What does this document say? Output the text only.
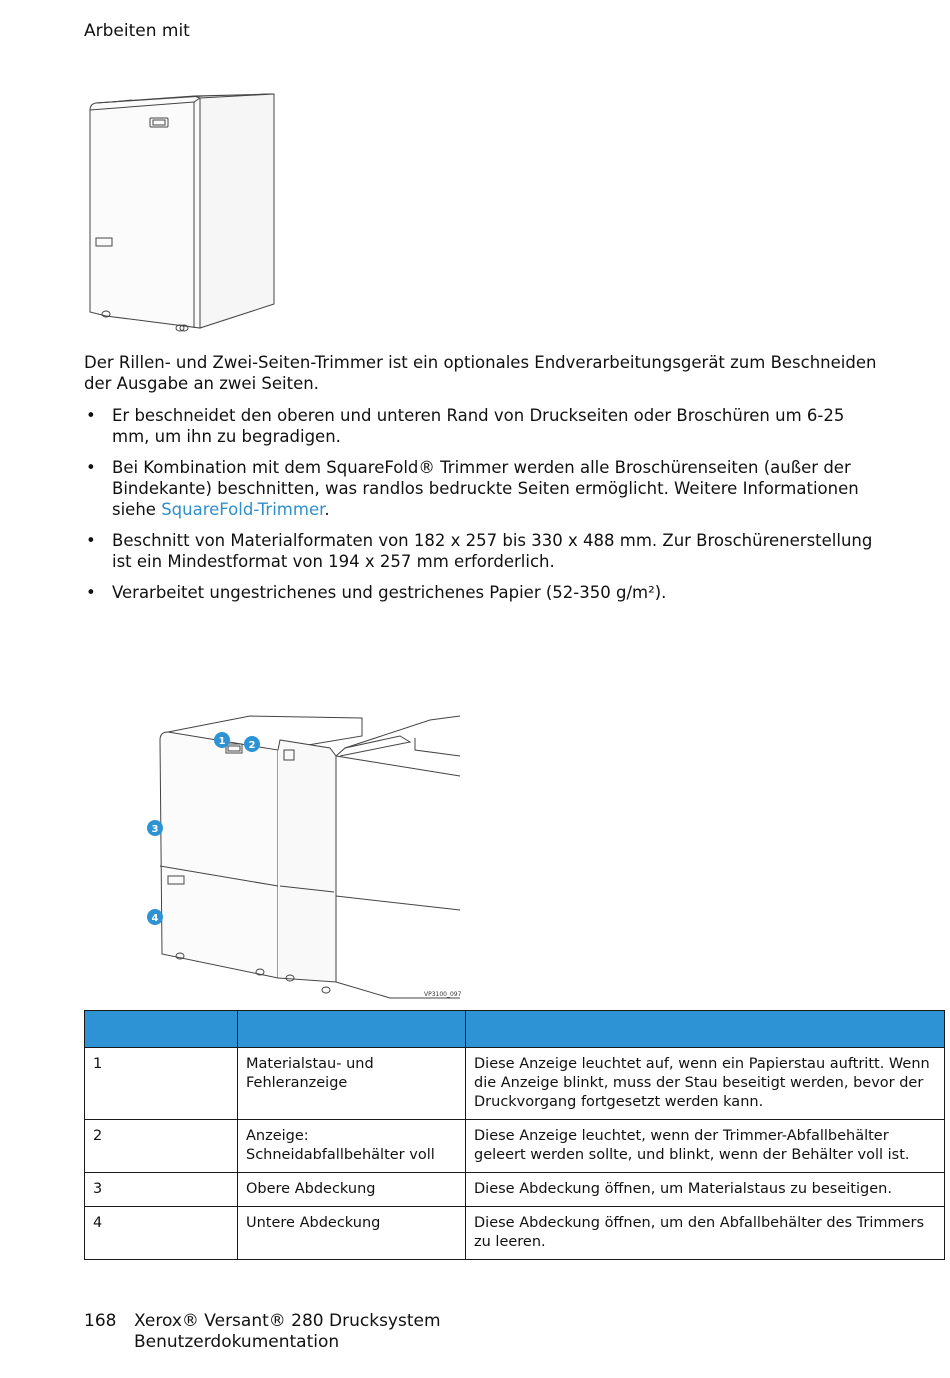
Arbeiten mit

Der Rillen- und Zwei-Seiten-Trimmer ist ein optionales Endverarbeitungsgerät zum Beschneiden der Ausgabe an zwei Seiten.

• Er beschneidet den oberen und unteren Rand von Druckseiten oder Broschüren um 6-25 mm, um ihn zu begradigen.
• Bei Kombination mit dem SquareFold® Trimmer werden alle Broschürenseiten (außer der Bindekante) beschnitten, was randlos bedruckte Seiten ermöglicht. Weitere Informationen siehe SquareFold-Trimmer.
• Beschnitt von Materialformaten von 182 x 257 bis 330 x 488 mm. Zur Broschürenerstellung ist ein Mindestformat von 194 x 257 mm erforderlich.
• Verarbeitet ungestrichenes und gestrichenes Papier (52-350 g/m²).
1 2
3
4
VP3100_097

1	Materialstau- und Fehleranzeige	Diese Anzeige leuchtet auf, wenn ein Papierstau auftritt. Wenn die Anzeige blinkt, muss der Stau beseitigt werden, bevor der Druckvorgang fortgesetzt werden kann.
2	Anzeige: Schneidabfallbehälter voll	Diese Anzeige leuchtet, wenn der Trimmer-Abfallbehälter geleert werden sollte, und blinkt, wenn der Behälter voll ist.
3	Obere Abdeckung	Diese Abdeckung öffnen, um Materialstaus zu beseitigen.
4	Untere Abdeckung	Diese Abdeckung öffnen, um den Abfallbehälter des Trimmers zu leeren.
168 Xerox® Versant® 280 Drucksystem
Benutzerdokumentation
